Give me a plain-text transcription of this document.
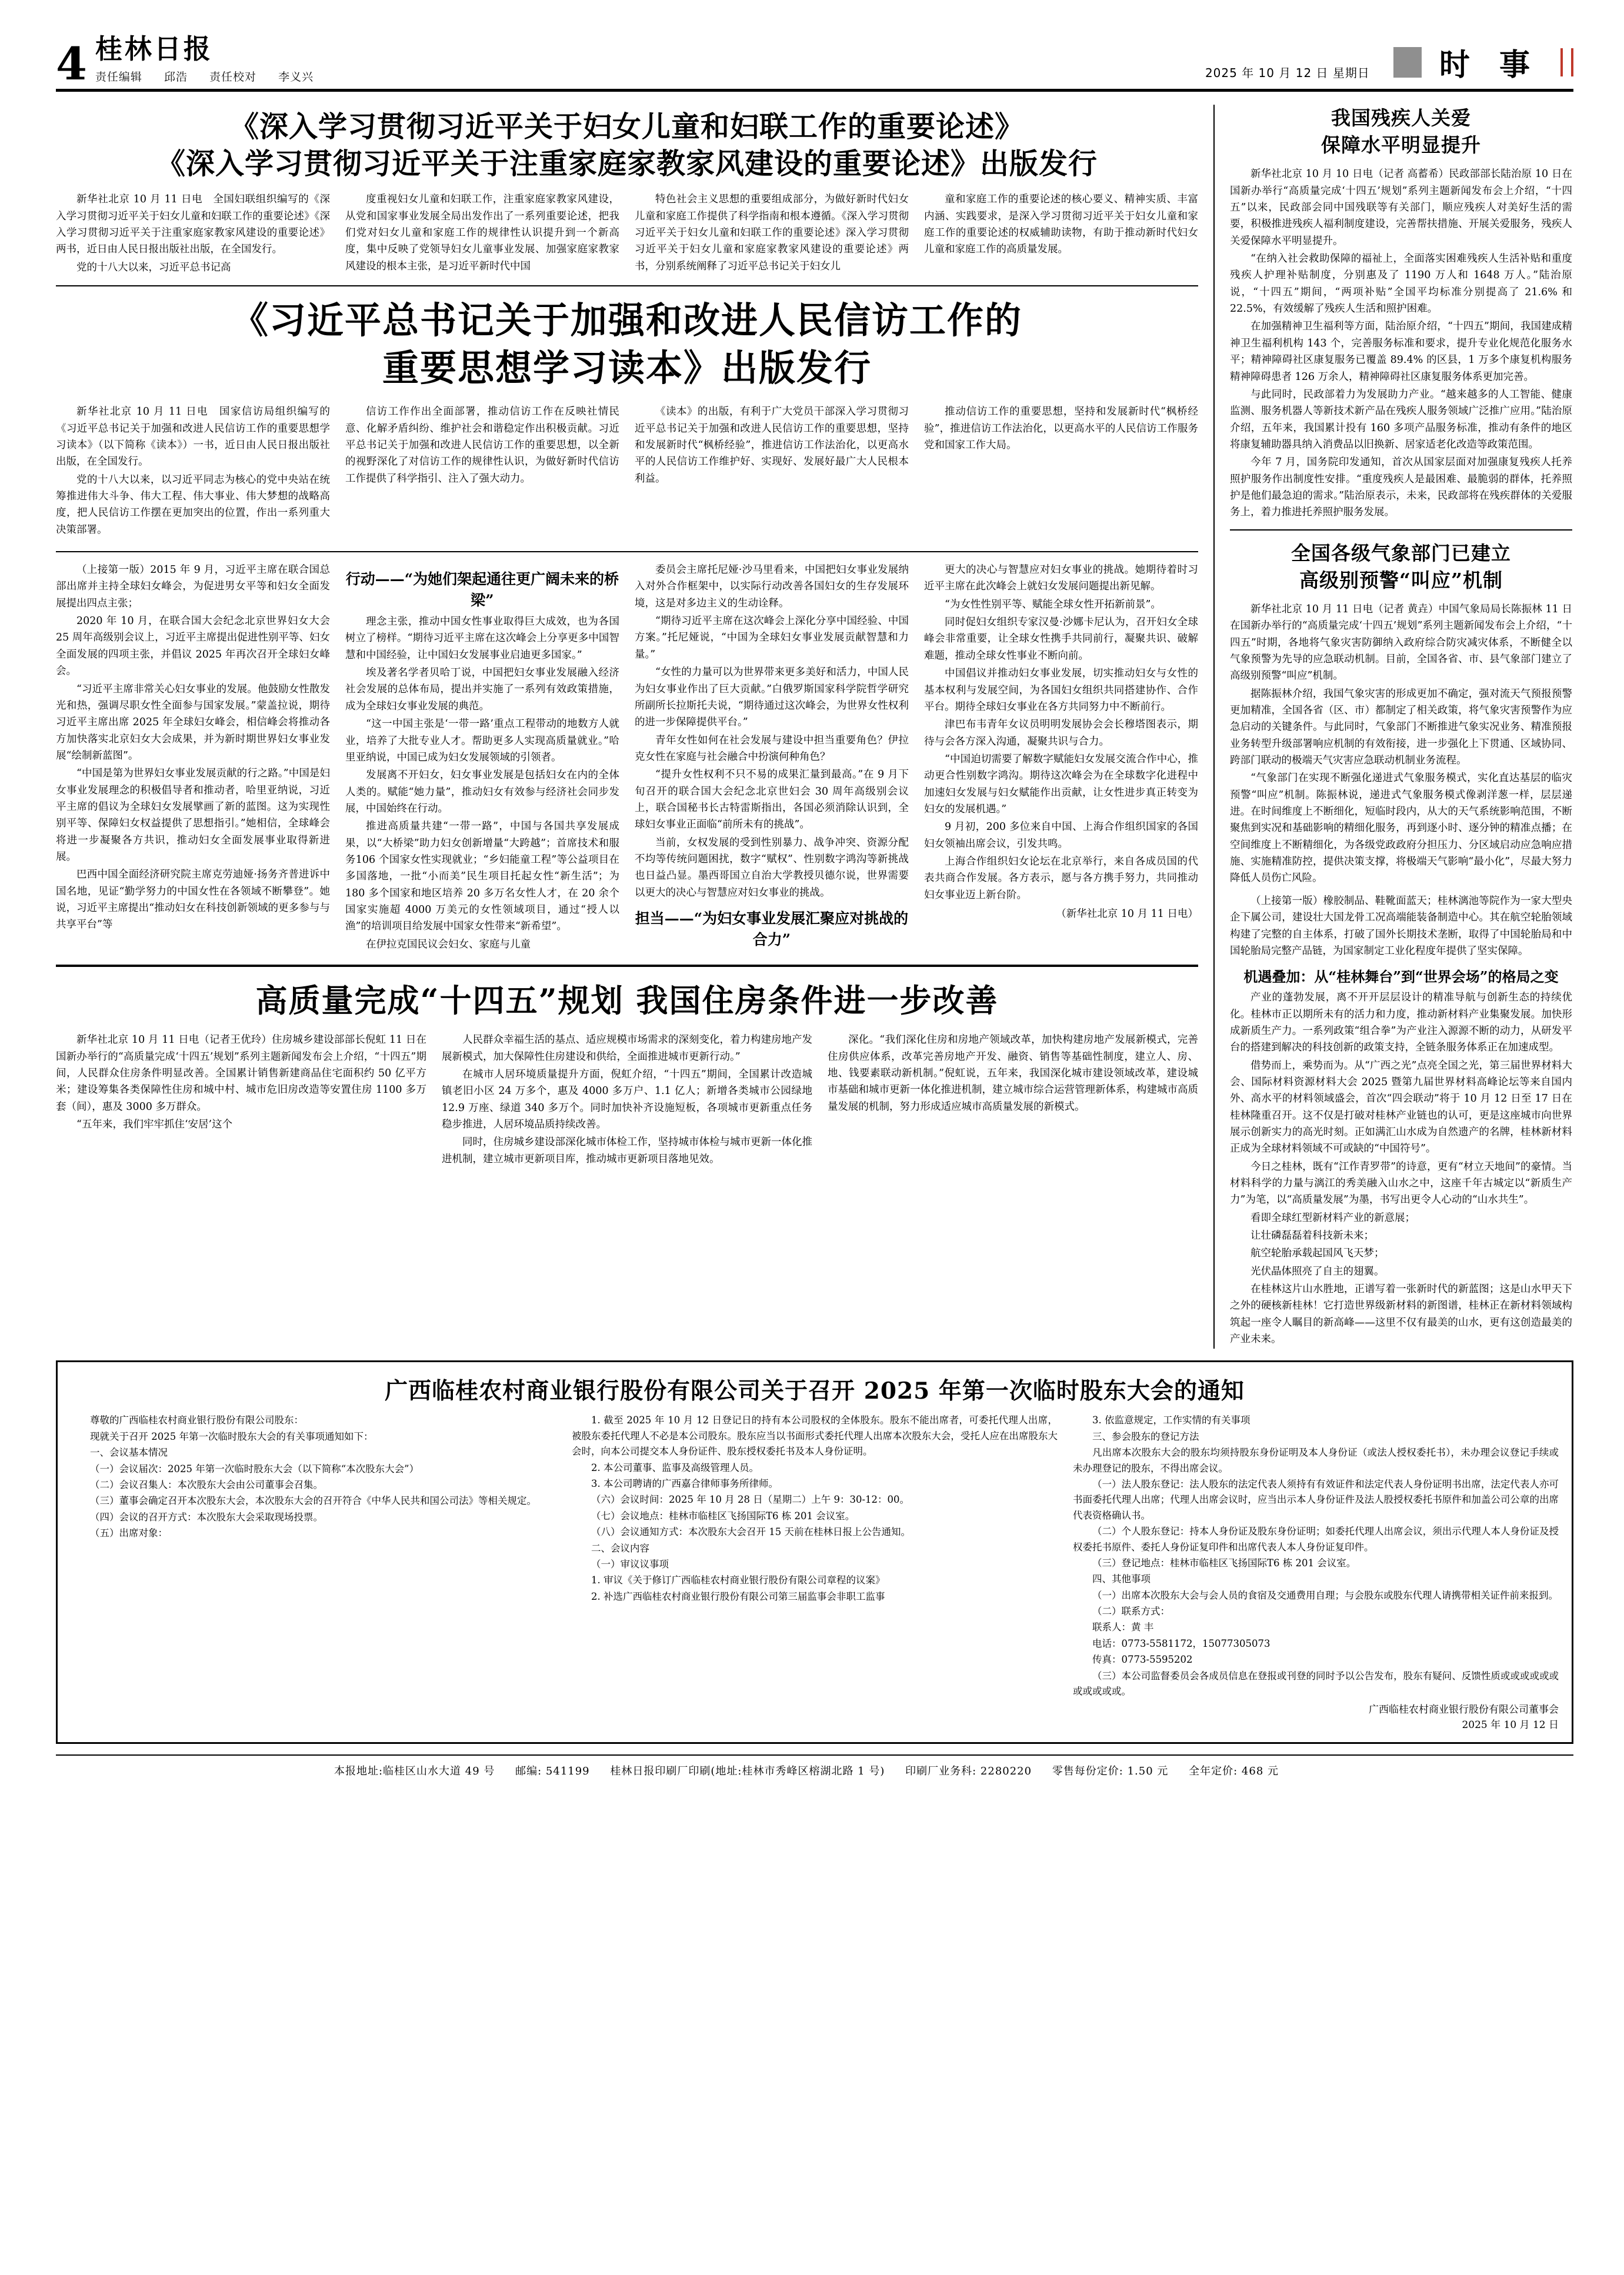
4 桂林日报
责任编辑 邱浩 责任校对 李义兴	2025 年 10 月 12 日 星期日 时 事
《深入学习贯彻习近平关于妇女儿童和妇联工作的重要论述》
《深入学习贯彻习近平关于注重家庭家教家风建设的重要论述》出版发行

新华社北京 10 月 11 日电　全国妇联组织编写的《深入学习贯彻习近平关于妇女儿童和妇联工作的重要论述》《深入学习贯彻习近平关于注重家庭家教家风建设的重要论述》两书，近日由人民日报出版社出版，在全国发行。

党的十八大以来，习近平总书记高

度重视妇女儿童和妇联工作，注重家庭家教家风建设，从党和国家事业发展全局出发作出了一系列重要论述，把我们党对妇女儿童和家庭工作的规律性认识提升到一个新高度，集中反映了党领导妇女儿童事业发展、加强家庭家教家风建设的根本主张，是习近平新时代中国

特色社会主义思想的重要组成部分，为做好新时代妇女儿童和家庭工作提供了科学指南和根本遵循。《深入学习贯彻习近平关于妇女儿童和妇联工作的重要论述》深入学习贯彻习近平关于妇女儿童和家庭家教家风建设的重要论述》两书，分别系统阐释了习近平总书记关于妇女儿

童和家庭工作的重要论述的核心要义、精神实质、丰富内涵、实践要求，是深入学习贯彻习近平关于妇女儿童和家庭工作的重要论述的权威辅助读物，有助于推动新时代妇女儿童和家庭工作的高质量发展。

《习近平总书记关于加强和改进人民信访工作的
重要思想学习读本》出版发行

新华社北京 10 月 11 日电　国家信访局组织编写的《习近平总书记关于加强和改进人民信访工作的重要思想学习读本》（以下简称《读本》）一书，近日由人民日报出版社出版，在全国发行。

党的十八大以来，以习近平同志为核心的党中央站在统筹推进伟大斗争、伟大工程、伟大事业、伟大梦想的战略高度，把人民信访工作摆在更加突出的位置，作出一系列重大决策部署。

信访工作作出全面部署，推动信访工作在反映社情民意、化解矛盾纠纷、维护社会和谐稳定作出积极贡献。习近平总书记关于加强和改进人民信访工作的重要思想，以全新的视野深化了对信访工作的规律性认识，为做好新时代信访工作提供了科学指引、注入了强大动力。

《读本》的出版，有利于广大党员干部深入学习贯彻习近平总书记关于加强和改进人民信访工作的重要思想，坚持和发展新时代“枫桥经验”，推进信访工作法治化，以更高水平的人民信访工作维护好、实现好、发展好最广大人民根本利益。

推动信访工作的重要思想，坚持和发展新时代“枫桥经验”，推进信访工作法治化，以更高水平的人民信访工作服务党和国家工作大局。

（上接第一版）2015 年 9 月，习近平主席在联合国总部出席并主持全球妇女峰会，为促进男女平等和妇女全面发展提出四点主张；

2020 年 10 月，在联合国大会纪念北京世界妇女大会 25 周年高级别会议上，习近平主席提出促进性别平等、妇女全面发展的四项主张，并倡议 2025 年再次召开全球妇女峰会。

“习近平主席非常关心妇女事业的发展。他鼓励女性散发光和热，强调尽职女性全面参与国家发展。”蒙盖拉说，期待习近平主席出席 2025 年全球妇女峰会，相信峰会将推动各方加快落实北京妇女大会成果，并为新时期世界妇女事业发展“绘制新蓝图”。

“中国是第为世界妇女事业发展贡献的行之路。”中国是妇女事业发展理念的积极倡导者和推动者，哈里亚纳说，习近平主席的倡议为全球妇女发展擘画了新的蓝图。这为实现性别平等、保障妇女权益提供了思想指引。”她相信，全球峰会将进一步凝聚各方共识，推动妇女全面发展事业取得新进展。

巴西中国全面经济研究院主席克劳迪娅·扬务齐普进诉中国名地，见证“勤学努力的中国女性在各领域不断攀登”。她说，习近平主席提出“推动妇女在科技创新领域的更多参与与共享平台”等

行动——“为她们架起通往更广阔未来的桥梁”

理念主张，推动中国女性事业取得巨大成效，也为各国树立了榜样。“期待习近平主席在这次峰会上分享更多中国智慧和中国经验，让中国妇女发展事业启迪更多国家。”

埃及著名学者贝哈丁说，中国把妇女事业发展融入经济社会发展的总体布局，提出并实施了一系列有效政策措施，成为全球妇女事业发展的典范。

“这一中国主张是‘一带一路’重点工程带动的地数方人就业，培养了大批专业人才。帮助更多人实现高质量就业。”哈里亚纳说，中国已成为妇女发展领域的引领者。

发展离不开妇女，妇女事业发展是包括妇女在内的全体人类的。赋能“她力量”，推动妇女有效参与经济社会同步发展，中国始终在行动。

推进高质量共建“一带一路”，中国与各国共享发展成果，以“大桥梁”助力妇女创新增量“大跨越”；首席技术和服务106 个国家女性实现就业；“乡妇能童工程”等公益项目在多国落地，一批“小而美”民生项目托起女性“新生活”；为 180 多个国家和地区培养 20 多万名女性人才，在 20 余个国家实施超 4000 万美元的女性领域项目，通过“授人以渔”的培训项目给发展中国家女性带来“新希望”。

在伊拉克国民议会妇女、家庭与儿童

委员会主席托尼娅·沙马里看来，中国把妇女事业发展纳入对外合作框架中，以实际行动改善各国妇女的生存发展环境，这是对多边主义的生动诠释。

“期待习近平主席在这次峰会上深化分享中国经验、中国方案。”托尼娅说，“中国为全球妇女事业发展贡献智慧和力量。”

“女性的力量可以为世界带来更多美好和活力，中国人民为妇女事业作出了巨大贡献。”白俄罗斯国家科学院哲学研究所副所长拉斯托夫说，“期待通过这次峰会，为世界女性权利的进一步保障提供平台。”

青年女性如何在社会发展与建设中担当重要角色？伊拉克女性在家庭与社会融合中扮演何种角色？

“提升女性权利不只不易的成果汇量到最高。”在 9 月下旬召开的联合国大会纪念北京世妇会 30 周年高级别会议上，联合国秘书长古特雷斯指出，各国必须消除认识到，全球妇女事业正面临“前所未有的挑战”。

当前，女权发展的受到性别暴力、战争冲突、资源分配不均等传统问题困扰，数字“赋权”、性别数字鸿沟等新挑战也日益凸显。墨西哥国立自治大学教授贝德尔说，世界需要以更大的决心与智慧应对妇女事业的挑战。

担当——“为妇女事业发展汇聚应对挑战的合力”

更大的决心与智慧应对妇女事业的挑战。她期待着时习近平主席在此次峰会上就妇女发展问题提出新见解。

“为女性性别平等、赋能全球女性开拓新前景”。

同时促妇女组织专家汉曼·沙娜卡尼认为，召开妇女全球峰会非常重要，让全球女性携手共同前行，凝聚共识、破解难题，推动全球女性事业不断向前。

中国倡议并推动妇女事业发展，切实推动妇女与女性的基本权利与发展空间，为各国妇女组织共同搭建协作、合作平台。期待全球妇女事业在各方共同努力中不断前行。

津巴布韦青年女议员明明发展协会会长穆塔图表示，期待与会各方深入沟通，凝聚共识与合力。

“中国迫切需要了解数字赋能妇女发展交流合作中心，推动更合性别数字鸿沟。期待这次峰会为在全球数字化进程中加速妇女发展与妇女赋能作出贡献，让女性进步真正转变为妇女的发展机遇。”

9 月初，200 多位来自中国、上海合作组织国家的各国妇女领袖出席会议，引发共鸣。

上海合作组织妇女论坛在北京举行，来自各成员国的代表共商合作发展。各方表示，愿与各方携手努力，共同推动妇女事业迈上新台阶。

（新华社北京 10 月 11 日电）
高质量完成“十四五”规划 我国住房条件进一步改善

新华社北京 10 月 11 日电（记者王优玲）住房城乡建设部部长倪虹 11 日在国新办举行的“高质量完成‘十四五’规划”系列主题新闻发布会上介绍，“十四五”期间，人民群众住房条件明显改善。全国累计销售新建商品住宅面积约 50 亿平方米；建设筹集各类保障性住房和城中村、城市危旧房改造等安置住房 1100 多万套（间），惠及 3000 多万群众。

“五年来，我们牢牢抓住‘安居’这个

人民群众幸福生活的基点、适应规模市场需求的深刻变化，着力构建房地产发展新模式，加大保障性住房建设和供给，全面推进城市更新行动。”

在城市人居环境质量提升方面，倪虹介绍，“十四五”期间，全国累计改造城镇老旧小区 24 万多个，惠及 4000 多万户、1.1 亿人；新增各类城市公园绿地 12.9 万座、绿道 340 多万个。同时加快补齐设施短板，各项城市更新重点任务稳步推进，人居环境品质持续改善。

同时，住房城乡建设部深化城市体检工作，坚持城市体检与城市更新一体化推进机制，建立城市更新项目库，推动城市更新项目落地见效。

深化。“我们深化住房和房地产领域改革，加快构建房地产发展新模式，完善住房供应体系，改革完善房地产开发、融资、销售等基础性制度，建立人、房、地、钱要素联动新机制。”倪虹说，五年来，我国深化城市建设领域改革，建设城市基础和城市更新一体化推进机制，建立城市综合运营管理新体系，构建城市高质量发展的机制，努力形成适应城市高质量发展的新模式。

我国残疾人关爱
保障水平明显提升

新华社北京 10 月 10 日电（记者 高蓄希）民政部部长陆治原 10 日在国新办举行“高质量完成‘十四五’规划”系列主题新闻发布会上介绍，“十四五”以来，民政部会同中国残联等有关部门，顺应残疾人对美好生活的需要，积极推进残疾人福利制度建设，完善帮扶措施、开展关爱服务，残疾人关爱保障水平明显提升。

“在纳入社会救助保障的福祉上，全面落实困难残疾人生活补贴和重度残疾人护理补贴制度，分别惠及了 1190 万人和 1648 万人。”陆治原说，“十四五”期间，“两项补贴”全国平均标准分别提高了 21.6% 和 22.5%，有效缓解了残疾人生活和照护困难。

在加强精神卫生福利等方面，陆治原介绍，“十四五”期间，我国建成精神卫生福利机构 143 个，完善服务标准和要求，提升专业化规范化服务水平；精神障碍社区康复服务已覆盖 89.4% 的区县，1 万多个康复机构服务精神障碍患者 126 万余人，精神障碍社区康复服务体系更加完善。

与此同时，民政部着力为发展助力产业。“越来越多的人工智能、健康监测、服务机器人等新技术新产品在残疾人服务领域广泛推广应用。”陆治原介绍，五年来，我国累计投有 160 多项产品服务标准，推动有条件的地区将康复辅助器具纳入消费品以旧换新、居家适老化改造等政策范围。

今年 7 月，国务院印发通知，首次从国家层面对加强康复残疾人托养照护服务作出制度性安排。“重度残疾人是最困难、最脆弱的群体，托养照护是他们最急迫的需求。”陆治原表示，未来，民政部将在残疾群体的关爱服务上，着力推进托养照护服务发展。

全国各级气象部门已建立
高级别预警“叫应”机制

新华社北京 10 月 11 日电（记者 黄垚）中国气象局局长陈振林 11 日在国新办举行的“高质量完成‘十四五’规划”系列主题新闻发布会上介绍，“十四五”时期，各地将气象灾害防御纳入政府综合防灾减灾体系，不断健全以气象预警为先导的应急联动机制。目前，全国各省、市、县气象部门建立了高级别预警“叫应”机制。

据陈振林介绍，我国气象灾害的形成更加不确定，强对流天气预报预警更加精准，全国各省（区、市）都制定了相关政策，将气象灾害预警作为应急启动的关键条件。与此同时，气象部门不断推进气象实况业务、精准预报业务转型升级部署响应机制的有效衔接，进一步强化上下贯通、区域协同、跨部门联动的极端天气灾害应急联动机制业务流程。

“气象部门在实现不断强化递进式气象服务模式，实化直达基层的临灾预警“叫应”机制。陈振林说，递进式气象服务模式像剥洋葱一样，层层递进。在时间维度上不断细化，短临时段内，从大的天气系统影响范围，不断聚焦到实况和基础影响的精细化服务，再到逐小时、逐分钟的精准点播；在空间维度上不断精细化，为各级党政政府分担压力、分区域启动应急响应措施、实施精准防控，提供决策支撑，将极端天气影响“最小化”，尽最大努力降低人员伤亡风险。

（上接第一版）橡胶制品、鞋靴面蓝天；桂林漓池等院作为一家大型央企下属公司，建设壮大国龙骨工况高端能装备制造中心。其在航空轮胎领域构建了完整的自主体系，打破了国外长期技术垄断，取得了中国轮胎局和中国轮胎局完整产品链，为国家制定工业化程度年提供了坚实保障。

机遇叠加：从“桂林舞台”到“世界会场”的格局之变

产业的蓬勃发展，离不开开层层设计的精准导航与创新生态的持续优化。桂林市正以期所未有的活力和力度，推动新材料产业集聚发展。加快形成新质生产力。一系列政策“组合拳”为产业注入源源不断的动力，从研发平台的搭建到解决的科技创新的政策支持，全链条服务体系正在加速成型。

借势而上，乘势而为。从“广西之光”点亮全国之光，第三届世界材料大会、国际材料资源材料大会 2025 暨第九届世界材料高峰论坛等来自国内外、高水平的材料领域盛会，首次“四会联动”将于 10 月 12 日至 17 日在桂林隆重召开。这不仅是打破对桂林产业链也的认可，更是这座城市向世界展示创新实力的高光时刻。正如满汇山水成为自然遗产的名牌，桂林新材料正成为全球材料领域不可或缺的“中国符号”。

今日之桂林，既有“江作青罗带”的诗意，更有“材立天地间”的豪情。当材料科学的力量与漓江的秀美融入山水之中，这座千年古城定以“新质生产力”为笔，以“高质量发展”为墨，书写出更令人心动的“山水共生”。

看即全球红型新材料产业的新意展；

让壮磷磊磊着科技新未来；

航空轮胎承载起国风飞天梦；

光伏晶体照亮了自主的翅翼。

在桂林这片山水胜地，正谱写着一张新时代的新蓝图；这是山水甲天下之外的硬核新桂林！它打造世界级新材料的新图谱，桂林正在新材料领域构筑起一座令人瞩目的新高峰——这里不仅有最美的山水，更有这创造最美的产业未来。

广西临桂农村商业银行股份有限公司关于召开 2025 年第一次临时股东大会的通知

尊敬的广西临桂农村商业银行股份有限公司股东：

现就关于召开 2025 年第一次临时股东大会的有关事项通知如下：

一、会议基本情况

（一）会议届次：2025 年第一次临时股东大会（以下简称“本次股东大会”）

（二）会议召集人：本次股东大会由公司董事会召集。

（三）董事会确定召开本次股东大会，本次股东大会的召开符合《中华人民共和国公司法》等相关规定。

（四）会议的召开方式：本次股东大会采取现场投票。

（五）出席对象：

1. 截至 2025 年 10 月 12 日登记日的持有本公司股权的全体股东。股东不能出席者，可委托代理人出席，被股东委托代理人不必是本公司股东。股东应当以书面形式委托代理人出席本次股东大会，受托人应在出席股东大会时，向本公司提交本人身份证件、股东授权委托书及本人身份证明。

2. 本公司董事、监事及高级管理人员。

3. 本公司聘请的广西嘉合律师事务所律师。

（六）会议时间：2025 年 10 月 28 日（星期二）上午 9：30-12：00。

（七）会议地点：桂林市临桂区飞扬国际T6 栋 201 会议室。

（八）会议通知方式：本次股东大会召开 15 天前在桂林日报上公告通知。

二、会议内容

（一）审议议事项

1. 审议《关于修订广西临桂农村商业银行股份有限公司章程的议案》

2. 补选广西临桂农村商业银行股份有限公司第三届监事会非职工监事

3. 依监意规定，工作实情的有关事项

三、参会股东的登记方法

凡出席本次股东大会的股东均须持股东身份证明及本人身份证（或法人授权委托书），未办理会议登记手续或未办理登记的股东，不得出席会议。

（一）法人股东登记：法人股东的法定代表人须持有有效证件和法定代表人身份证明书出席，法定代表人亦可书面委托代理人出席；代理人出席会议时，应当出示本人身份证件及法人股授权委托书原件和加盖公司公章的出席代表资格确认书。

（二）个人股东登记：持本人身份证及股东身份证明；如委托代理人出席会议，须出示代理人本人身份证及授权委托书原件、委托人身份证复印件和出席代表人本人身份证复印件。

（三）登记地点：桂林市临桂区飞扬国际T6 栋 201 会议室。

四、其他事项

（一）出席本次股东大会与会人员的食宿及交通费用自理；与会股东或股东代理人请携带相关证件前来报到。

（二）联系方式：

联系人：黄 丰

电话：0773-5581172，15077305073

传真：0773-5595202

（三）本公司监督委员会各成员信息在登报或刊登的同时予以公告发布，股东有疑问、反馈性质或或或或或或或或或或或。

广西临桂农村商业银行股份有限公司董事会
2025 年 10 月 12 日
本报地址:临桂区山水大道 49 号 邮编: 541199 桂林日报印刷厂印刷(地址:桂林市秀峰区榕湖北路 1 号) 印刷厂业务科: 2280220 零售每份定价: 1.50 元 全年定价: 468 元
